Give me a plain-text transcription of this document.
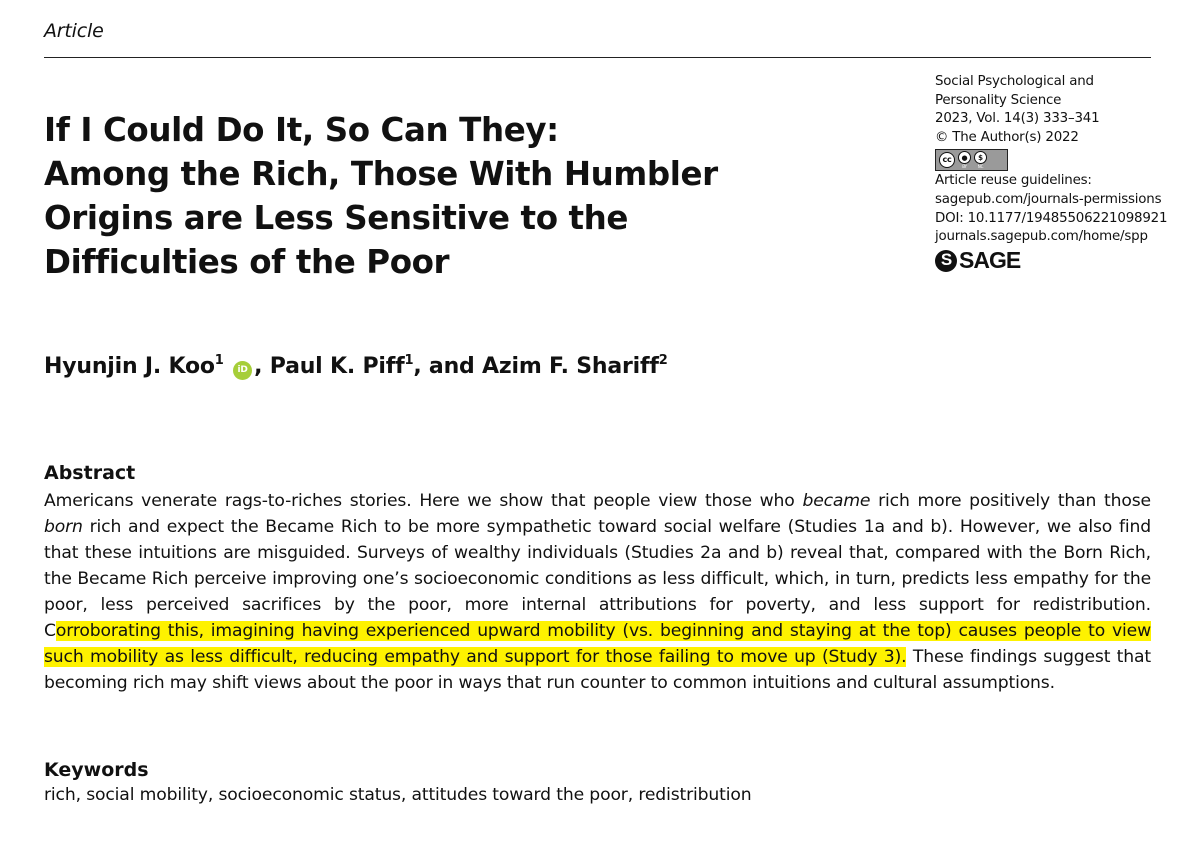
Article
If I Could Do It, So Can They:
Among the Rich, Those With Humbler
Origins are Less Sensitive to the
Difficulties of the Poor
Social Psychological and
Personality Science
2023, Vol. 14(3) 333–341
© The Author(s) 2022
cc	●
BY
$
NC
Article reuse guidelines:
sagepub.com/journals-permissions
DOI: 10.1177/19485506221098921
journals.sagepub.com/home/spp
S SAGE
Hyunjin J. Koo$^1$ iD , Paul K. Piff$^1$, and Azim F. Shariff$^2$
Abstract

Americans venerate rags-to-riches stories. Here we show that people view those who became rich more positively than those born rich and expect the Became Rich to be more sympathetic toward social welfare (Studies 1a and b). However, we also find that these intuitions are misguided. Surveys of wealthy individuals (Studies 2a and b) reveal that, compared with the Born Rich, the Became Rich perceive improving one’s socioeconomic conditions as less difficult, which, in turn, predicts less empathy for the poor, less perceived sacrifices by the poor, more internal attributions for poverty, and less support for redistribution. Corroborating this, imagining having experienced upward mobility (vs. beginning and staying at the top) causes people to view such mobility as less difficult, reducing empathy and support for those failing to move up (Study 3). These findings suggest that becoming rich may shift views about the poor in ways that run counter to common intuitions and cultural assumptions.

Keywords

rich, social mobility, socioeconomic status, attitudes toward the poor, redistribution
